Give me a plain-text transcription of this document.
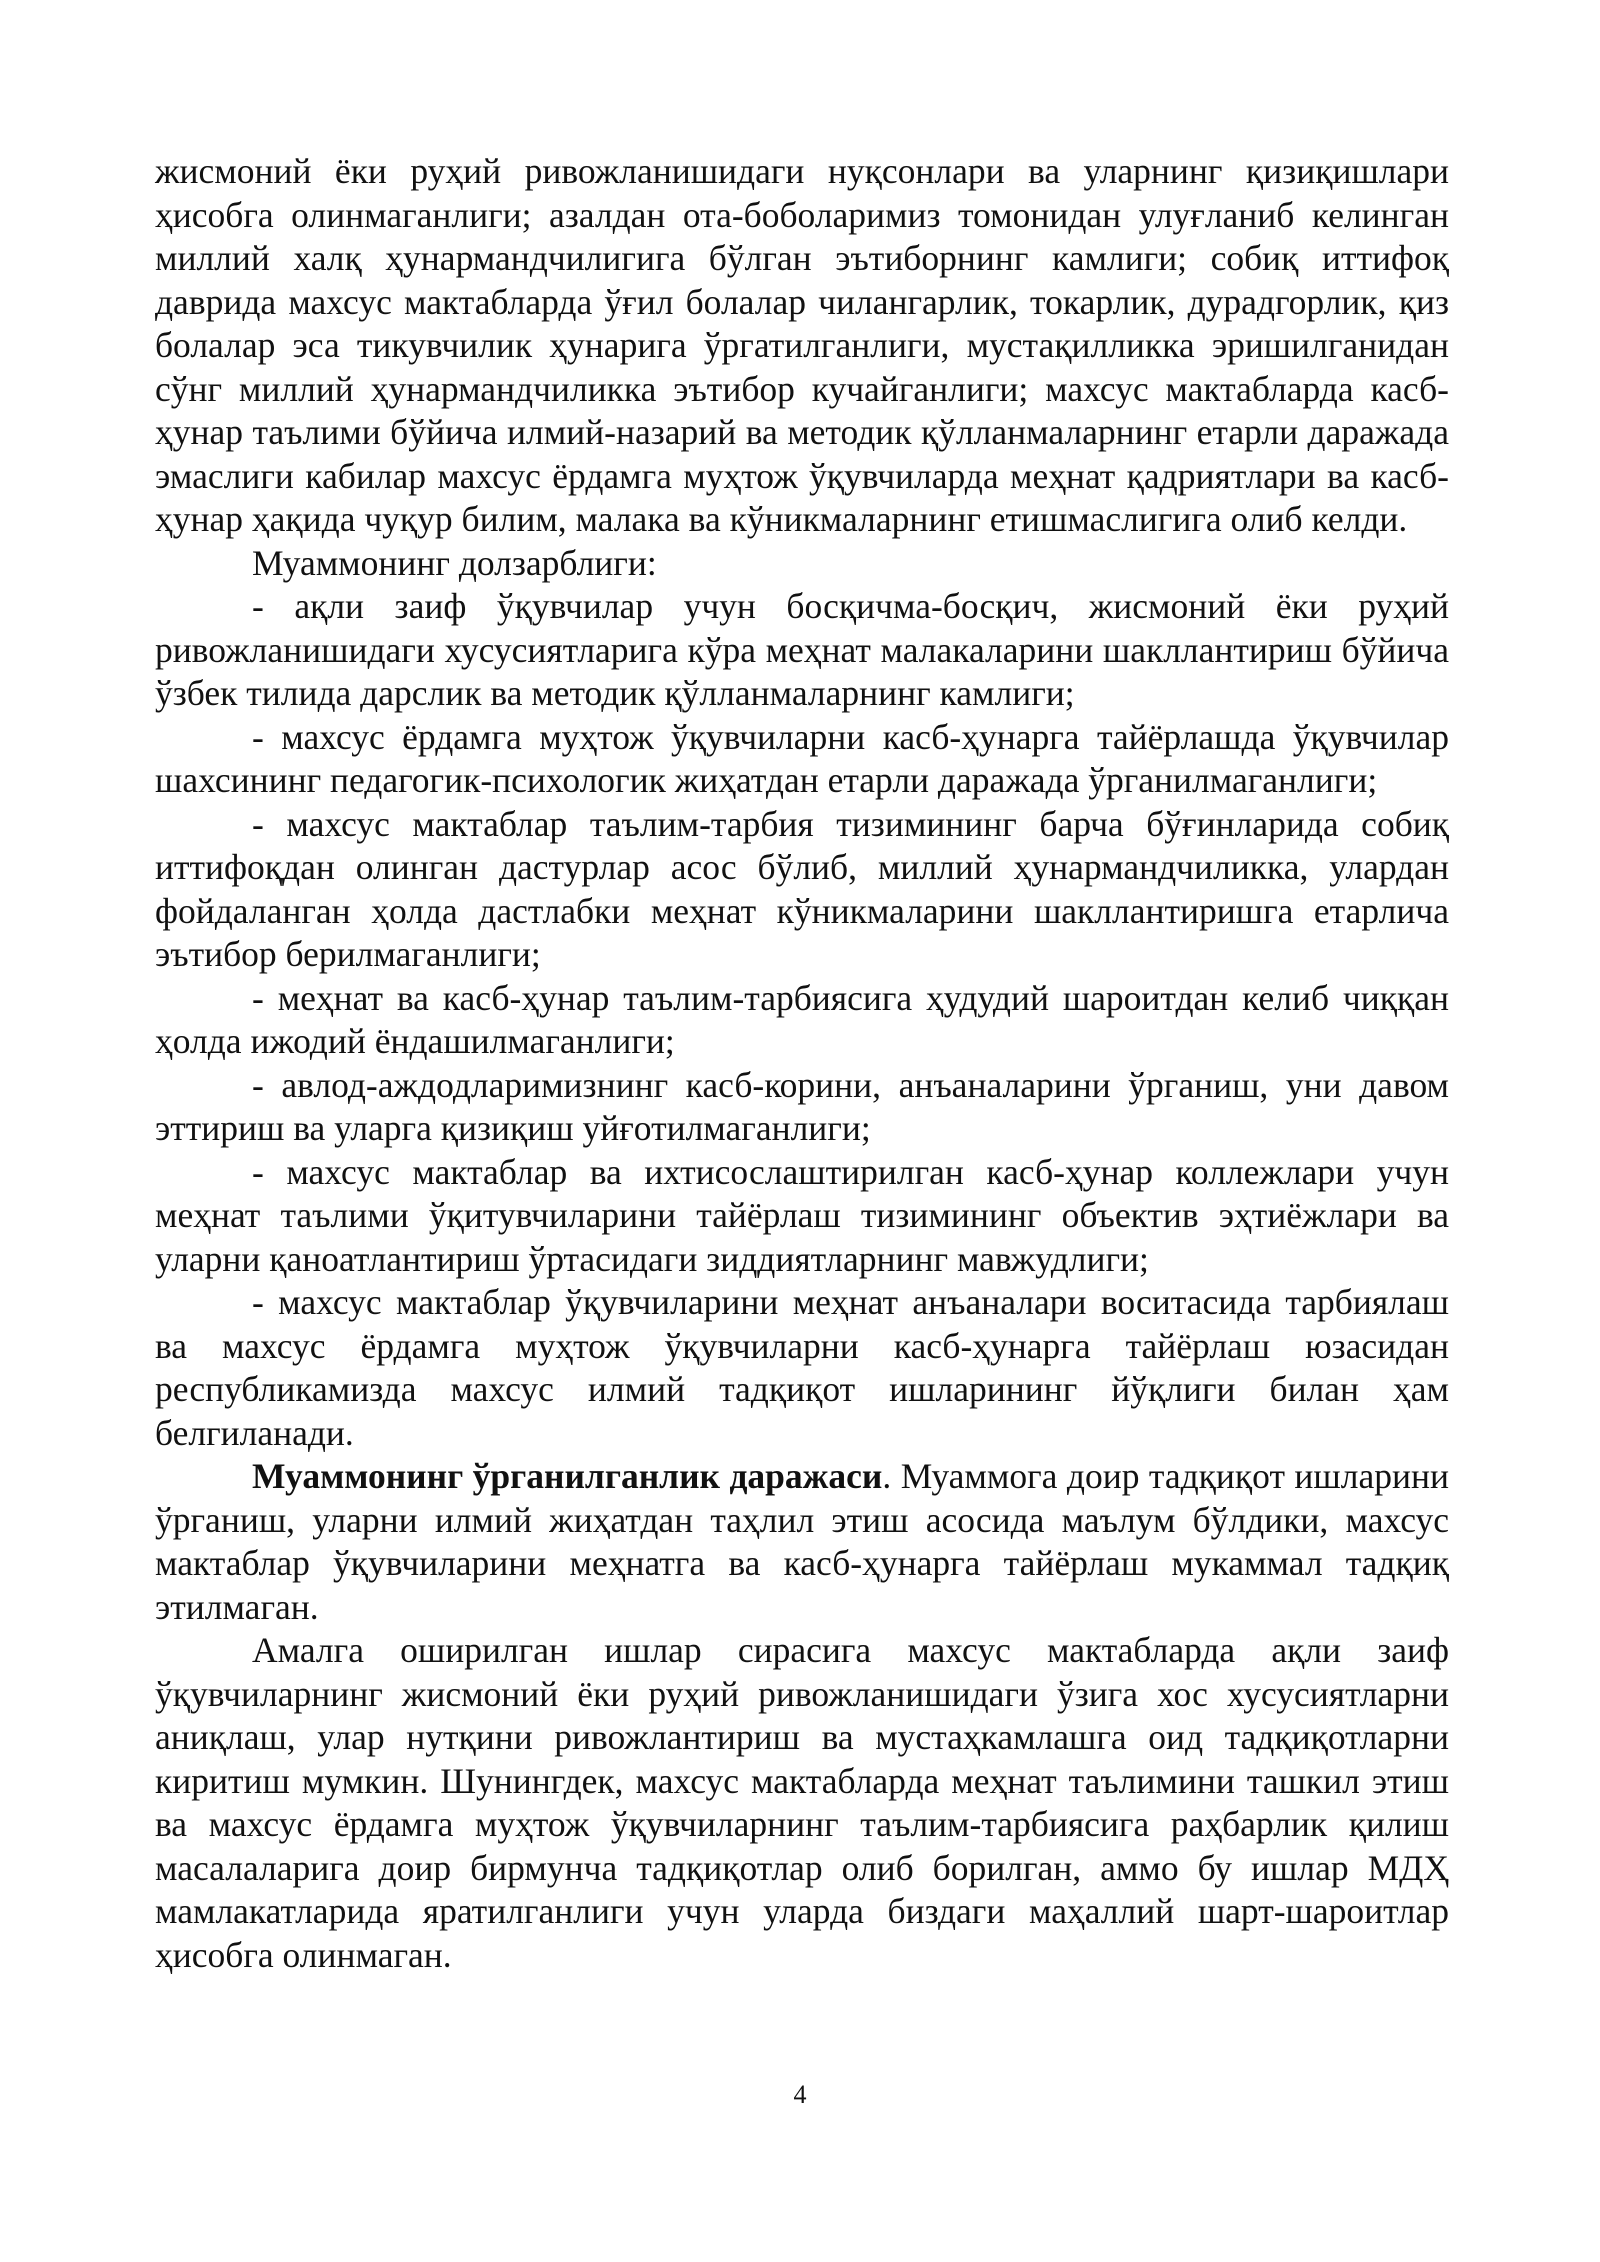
жисмоний ёки руҳий ривожланишидаги нуқсонлари ва уларнинг қизиқишлари ҳисобга олинмаганлиги; азалдан ота-боболаримиз томонидан улуғланиб келинган миллий халқ ҳунармандчилигига бўлган эътиборнинг камлиги; собиқ иттифоқ даврида махсус мактабларда ўғил болалар чилангарлик, токарлик, дурадгорлик, қиз болалар эса тикувчилик ҳунарига ўргатилганлиги, мустақилликка эришилганидан сўнг миллий ҳунармандчиликка эътибор кучайганлиги; махсус мактабларда касб-ҳунар таълими бўйича илмий-назарий ва методик қўлланмаларнинг етарли даражада эмаслиги кабилар махсус ёрдамга муҳтож ўқувчиларда меҳнат қадриятлари ва касб-ҳунар ҳақида чуқур билим, малака ва кўникмаларнинг етишмаслигига олиб келди.

Муаммонинг долзарблиги:

- ақли заиф ўқувчилар учун босқичма-босқич, жисмоний ёки руҳий ривожланишидаги хусусиятларига кўра меҳнат малакаларини шакллантириш бўйича ўзбек тилида дарслик ва методик қўлланмаларнинг камлиги;

- махсус ёрдамга муҳтож ўқувчиларни касб-ҳунарга тайёрлашда ўқувчилар шахсининг педагогик-психологик жиҳатдан етарли даражада ўрганилмаганлиги;

- махсус мактаблар таълим-тарбия тизимининг барча бўғинларида собиқ иттифоқдан олинган дастурлар асос бўлиб, миллий ҳунармандчиликка, улардан фойдаланган ҳолда дастлабки меҳнат кўникмаларини шакллантиришга етарлича эътибор берилмаганлиги;

- меҳнат ва касб-ҳунар таълим-тарбиясига ҳудудий шароитдан келиб чиққан ҳолда ижодий ёндашилмаганлиги;

- авлод-аждодларимизнинг касб-корини, анъаналарини ўрганиш, уни давом эттириш ва уларга қизиқиш уйғотилмаганлиги;

- махсус мактаблар ва ихтисослаштирилган касб-ҳунар коллежлари учун меҳнат таълими ўқитувчиларини тайёрлаш тизимининг объектив эҳтиёжлари ва уларни қаноатлантириш ўртасидаги зиддиятларнинг мавжудлиги;

- махсус мактаблар ўқувчиларини меҳнат анъаналари воситасида тарбиялаш ва махсус ёрдамга муҳтож ўқувчиларни касб-ҳунарга тайёрлаш юзасидан республикамизда махсус илмий тадқиқот ишларининг йўқлиги билан ҳам белгиланади.

Муаммонинг ўрганилганлик даражаси. Муаммога доир тадқиқот ишларини ўрганиш, уларни илмий жиҳатдан таҳлил этиш асосида маълум бўлдики, махсус мактаблар ўқувчиларини меҳнатга ва касб-ҳунарга тайёрлаш мукаммал тадқиқ этилмаган.

Амалга оширилган ишлар сирасига махсус мактабларда ақли заиф ўқувчиларнинг жисмоний ёки руҳий ривожланишидаги ўзига хос хусусиятларни аниқлаш, улар нутқини ривожлантириш ва мустаҳкамлашга оид тадқиқотларни киритиш мумкин. Шунингдек, махсус мактабларда меҳнат таълимини ташкил этиш ва махсус ёрдамга муҳтож ўқувчиларнинг таълим-тарбиясига раҳбарлик қилиш масалаларига доир бирмунча тадқиқотлар олиб борилган, аммо бу ишлар МДҲ мамлакатларида яратилганлиги учун уларда биздаги маҳаллий шарт-шароитлар ҳисобга олинмаган.

4
